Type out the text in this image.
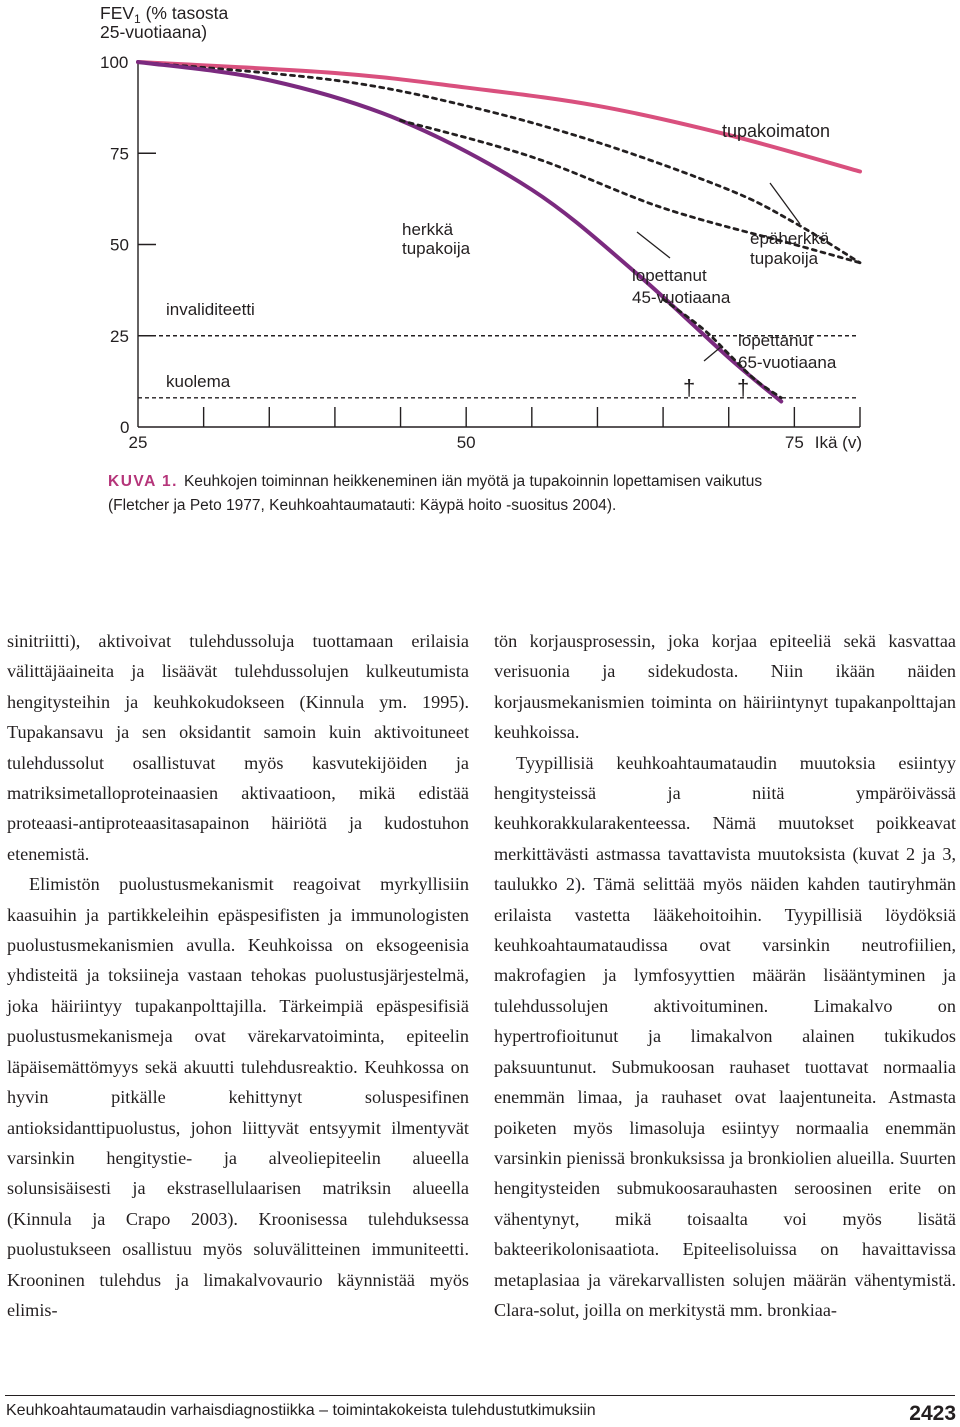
$FEV_1$ (% tasosta
25-vuotiaana)
0
25
50
75
100
25	50	75 Ikä (v)
tupakoimaton
herkkä
tupakoija
lopettanut
45-vuotiaana
epäherkkä
tupakoija
lopettanut
65-vuotiaana
invaliditeetti
kuolema	† †
KUVA 1. Keuhkojen toiminnan heikkeneminen iän myötä ja tupakoinnin lopettamisen vaikutus
(Fletcher ja Peto 1977, Keuhkoahtaumatauti: Käypä hoito -suositus 2004).

sinitriitti), aktivoivat tulehdussoluja tuottamaan erilaisia välittäjäaineita ja lisäävät tulehdussolujen kulkeutumista hengitysteihin ja keuhkokudokseen (Kinnula ym. 1995). Tupakansavu ja sen oksidantit samoin kuin aktivoituneet tulehdussolut osallistuvat myös kasvutekijöiden ja matriksimetalloproteinaasien aktivaatioon, mikä edistää proteaasi-antiproteaasitasapainon häiriötä ja kudostuhon etenemistä.

Elimistön puolustusmekanismit reagoivat myrkyllisiin kaasuihin ja partikkeleihin epäspesifisten ja immunologisten puolustusmekanismien avulla. Keuhkoissa on eksogeenisia yhdisteitä ja toksiineja vastaan tehokas puolustusjärjestelmä, joka häiriintyy tupakanpolttajilla. Tärkeimpiä epäspesifisiä puolustusmekanismeja ovat värekarvatoiminta, epiteelin läpäisemättömyys sekä akuutti tulehdusreaktio. Keuhkossa on hyvin pitkälle kehittynyt soluspesifinen antioksidanttipuolustus, johon liittyvät entsyymit ilmentyvät varsinkin hengitystie- ja alveoliepiteelin alueella solunsisäisesti ja ekstrasellulaarisen matriksin alueella (Kinnula ja Crapo 2003). Kroonisessa tulehduksessa puolustukseen osallistuu myös soluvälitteinen immuniteetti. Krooninen tulehdus ja limakalvovaurio käynnistää myös elimis-

tön korjausprosessin, joka korjaa epiteeliä sekä kasvattaa verisuonia ja sidekudosta. Niin ikään näiden korjausmekanismien toiminta on häiriintynyt tupakanpolttajan keuhkoissa.

Tyypillisiä keuhkoahtaumataudin muutoksia esiintyy hengitysteissä ja niitä ympäröivässä keuhkorakkularakenteessa. Nämä muutokset poikkeavat merkittävästi astmassa tavattavista muutoksista (kuvat 2 ja 3, taulukko 2). Tämä selittää myös näiden kahden tautiryhmän erilaista vastetta lääkehoitoihin. Tyypillisiä löydöksiä keuhkoahtaumataudissa ovat varsinkin neutrofiilien, makrofagien ja lymfosyyttien määrän lisääntyminen ja tulehdussolujen aktivoituminen. Limakalvo on hypertrofioitunut ja limakalvon alainen tukikudos paksuuntunut. Submukoosan rauhaset tuottavat normaalia enemmän limaa, ja rauhaset ovat laajentuneita. Astmasta poiketen myös limasoluja esiintyy normaalia enemmän varsinkin pienissä bronkuksissa ja bronkiolien alueilla. Suurten hengitysteiden submukoosarauhasten seroosinen erite on vähentynyt, mikä toisaalta voi myös lisätä bakteerikolonisaatiota. Epiteelisoluissa on havaittavissa metaplasiaa ja värekarvallisten solujen määrän vähentymistä. Clara-solut, joilla on merkitystä mm. bronkiaa-

Keuhkoahtaumataudin varhaisdiagnostiikka – toimintakokeista tulehdustutkimuksiin	2423
